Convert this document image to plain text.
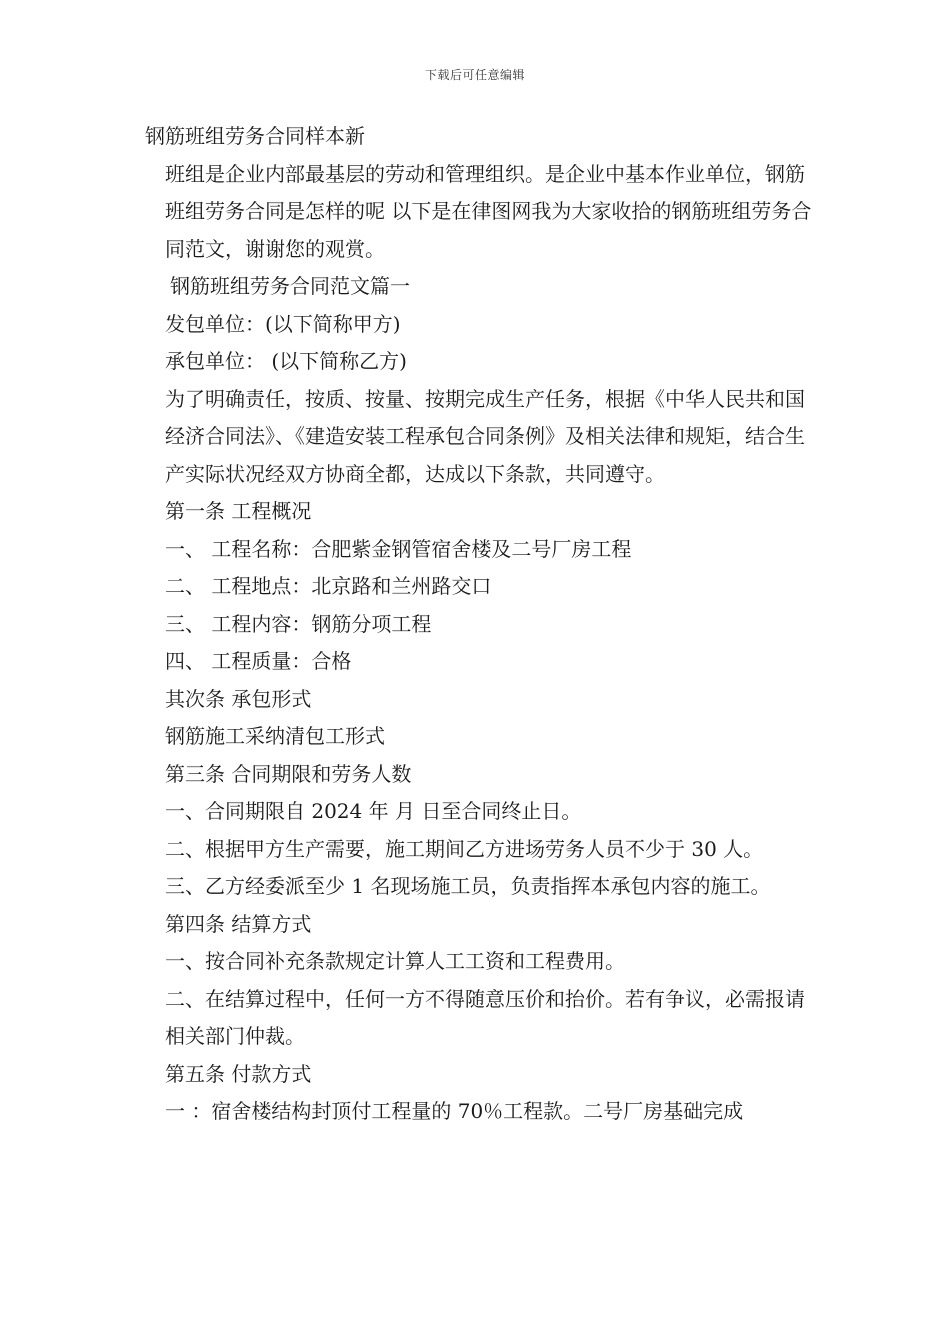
下载后可任意编辑

钢筋班组劳务合同样本新

班组是企业内部最基层的劳动和管理组织。是企业中基本作业单位，钢筋班组劳务合同是怎样的呢 以下是在律图网我为大家收拾的钢筋班组劳务合同范文，谢谢您的观赏。

钢筋班组劳务合同范文篇一

发包单位：(以下简称甲方)

承包单位： (以下简称乙方)

为了明确责任，按质、按量、按期完成生产任务，根据《中华人民共和国经济合同法》、《建造安装工程承包合同条例》及相关法律和规矩，结合生产实际状况经双方协商全都，达成以下条款，共同遵守。

第一条 工程概况

一、 工程名称：合肥紫金钢管宿舍楼及二号厂房工程

二、 工程地点：北京路和兰州路交口

三、 工程内容：钢筋分项工程

四、 工程质量：合格

其次条 承包形式

钢筋施工采纳清包工形式

第三条 合同期限和劳务人数

一、合同期限自 2024 年 月 日至合同终止日。

二、根据甲方生产需要，施工期间乙方进场劳务人员不少于 30 人。

三、乙方经委派至少 1 名现场施工员，负责指挥本承包内容的施工。

第四条 结算方式

一、按合同补充条款规定计算人工工资和工程费用。

二、在结算过程中，任何一方不得随意压价和抬价。若有争议，必需报请相关部门仲裁。

第五条 付款方式

一 ：宿舍楼结构封顶付工程量的 70％工程款。二号厂房基础完成
